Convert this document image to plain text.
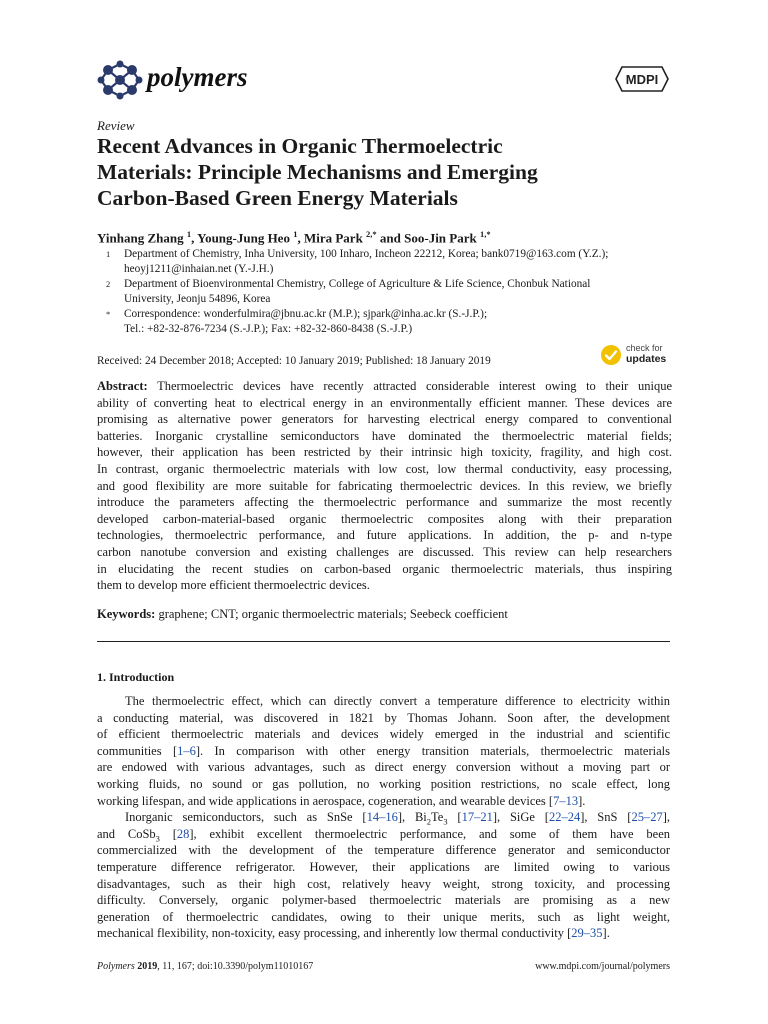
polymers	MDPI
Review
Recent Advances in Organic Thermoelectric
Materials: Principle Mechanisms and Emerging
Carbon-Based Green Energy Materials
Yinhang Zhang $^1$, Young-Jung Heo $^1$, Mira Park $^{2,*}$ and Soo-Jin Park $^{1,*}$
1 Department of Chemistry, Inha University, 100 Inharo, Incheon 22212, Korea; bank0719@163.com (Y.Z.);
heoyj1211@inhaian.net (Y.-J.H.)
2 Department of Bioenvironmental Chemistry, College of Agriculture & Life Science, Chonbuk National
University, Jeonju 54896, Korea
* Correspondence: wonderfulmira@jbnu.ac.kr (M.P.); sjpark@inha.ac.kr (S.-J.P.);
Tel.: +82-32-876-7234 (S.-J.P.); Fax: +82-32-860-8438 (S.-J.P.)
Received: 24 December 2018; Accepted: 10 January 2019; Published: 18 January 2019
check for
updates
Abstract: Thermoelectric devices have recently attracted considerable interest owing to their unique
ability of converting heat to electrical energy in an environmentally efficient manner. These devices are
promising as alternative power generators for harvesting electrical energy compared to conventional
batteries. Inorganic crystalline semiconductors have dominated the thermoelectric material fields;
however, their application has been restricted by their intrinsic high toxicity, fragility, and high cost.
In contrast, organic thermoelectric materials with low cost, low thermal conductivity, easy processing,
and good flexibility are more suitable for fabricating thermoelectric devices. In this review, we briefly
introduce the parameters affecting the thermoelectric performance and summarize the most recently
developed carbon-material-based organic thermoelectric composites along with their preparation
technologies, thermoelectric performance, and future applications. In addition, the p- and n-type
carbon nanotube conversion and existing challenges are discussed. This review can help researchers
in elucidating the recent studies on carbon-based organic thermoelectric materials, thus inspiring
them to develop more efficient thermoelectric devices.
Keywords: graphene; CNT; organic thermoelectric materials; Seebeck coefficient
1. Introduction
The thermoelectric effect, which can directly convert a temperature difference to electricity within
a conducting material, was discovered in 1821 by Thomas Johann. Soon after, the development
of efficient thermoelectric materials and devices widely emerged in the industrial and scientific
communities [1–6]. In comparison with other energy transition materials, thermoelectric materials
are endowed with various advantages, such as direct energy conversion without a moving part or
working fluids, no sound or gas pollution, no working position restrictions, no scale effect, long
working lifespan, and wide applications in aerospace, cogeneration, and wearable devices [7–13].
Inorganic semiconductors, such as SnSe [14–16], $Bi_2Te_3$ [17–21], SiGe [22–24], SnS [25–27],
and CoSb$_3$ [28], exhibit excellent thermoelectric performance, and some of them have been
commercialized with the development of the temperature difference generator and semiconductor
temperature difference refrigerator. However, their applications are limited owing to various
disadvantages, such as their high cost, relatively heavy weight, strong toxicity, and processing
difficulty. Conversely, organic polymer-based thermoelectric materials are promising as a new
generation of thermoelectric candidates, owing to their unique merits, such as light weight,
mechanical flexibility, non-toxicity, easy processing, and inherently low thermal conductivity [29–35].
Polymers 2019, 11, 167; doi:10.3390/polym11010167	www.mdpi.com/journal/polymers
